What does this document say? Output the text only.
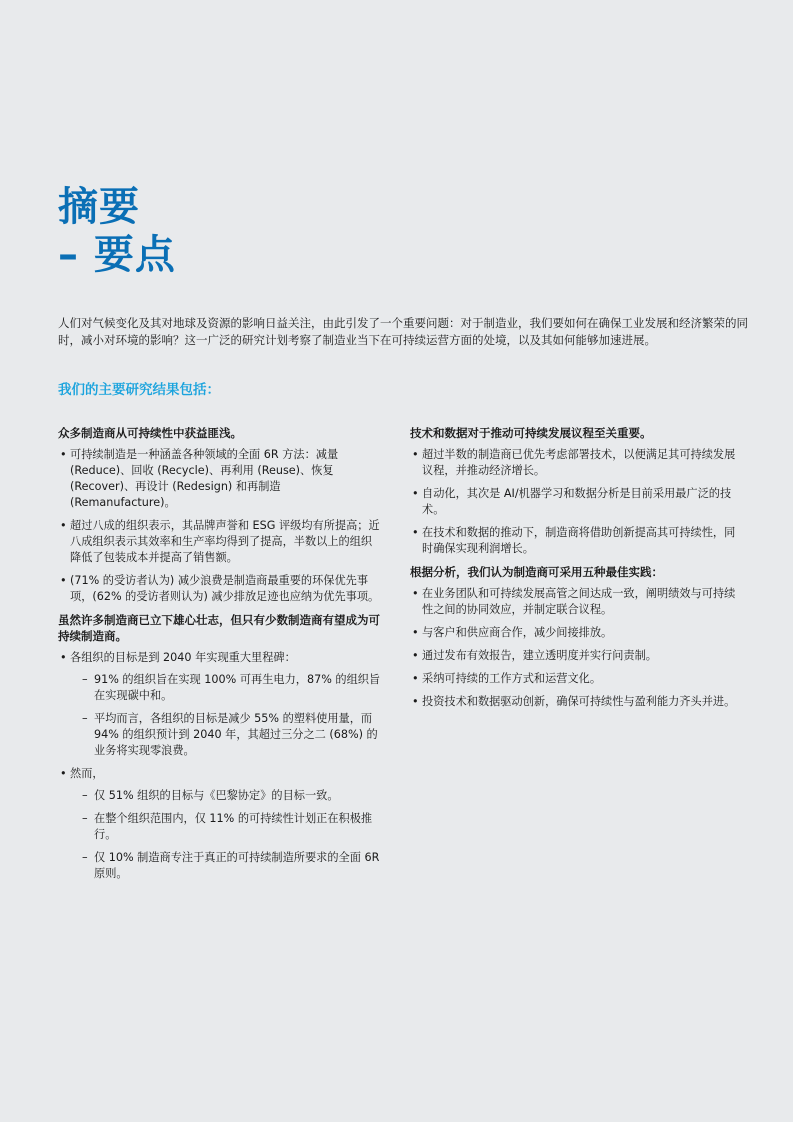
摘要
– 要点

人们对气候变化及其对地球及资源的影响日益关注，由此引发了一个重要问题：对于制造业，我们要如何在确保工业发展和经济繁荣的同时，减小对环境的影响？这一广泛的研究计划考察了制造业当下在可持续运营方面的处境，以及其如何能够加速进展。

我们的主要研究结果包括：
众多制造商从可持续性中获益匪浅。
• 可持续制造是一种涵盖各种领域的全面 6R 方法：减量 (Reduce)、回收 (Recycle)、再利用 (Reuse)、恢复 (Recover)、再设计 (Redesign) 和再制造 (Remanufacture)。
• 超过八成的组织表示，其品牌声誉和 ESG 评级均有所提高；近八成组织表示其效率和生产率均得到了提高，半数以上的组织降低了包装成本并提高了销售额。
• (71% 的受访者认为) 减少浪费是制造商最重要的环保优先事项，(62% 的受访者则认为) 减少排放足迹也应纳为优先事项。
虽然许多制造商已立下雄心壮志，但只有少数制造商有望成为可持续制造商。
• 各组织的目标是到 2040 年实现重大里程碑：
– 91% 的组织旨在实现 100% 可再生电力，87% 的组织旨在实现碳中和。
– 平均而言，各组织的目标是减少 55% 的塑料使用量，而 94% 的组织预计到 2040 年，其超过三分之二 (68%) 的业务将实现零浪费。
• 然而，
– 仅 51% 组织的目标与《巴黎协定》的目标一致。
– 在整个组织范围内，仅 11% 的可持续性计划正在积极推行。
– 仅 10% 制造商专注于真正的可持续制造所要求的全面 6R 原则。
技术和数据对于推动可持续发展议程至关重要。
• 超过半数的制造商已优先考虑部署技术，以便满足其可持续发展议程，并推动经济增长。
• 自动化，其次是 AI/机器学习和数据分析是目前采用最广泛的技术。
• 在技术和数据的推动下，制造商将借助创新提高其可持续性，同时确保实现利润增长。
根据分析，我们认为制造商可采用五种最佳实践：
• 在业务团队和可持续发展高管之间达成一致，阐明绩效与可持续性之间的协同效应，并制定联合议程。
• 与客户和供应商合作，减少间接排放。
• 通过发布有效报告，建立透明度并实行问责制。
• 采纳可持续的工作方式和运营文化。
• 投资技术和数据驱动创新，确保可持续性与盈利能力齐头并进。
